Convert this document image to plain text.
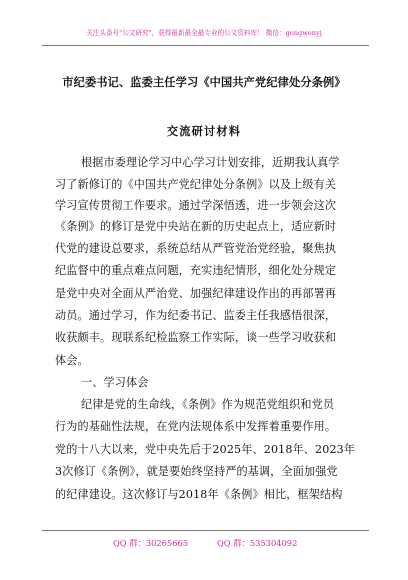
关注头条号"公文研究"，获得最新最全最专业的公文资料库！ 微信：gongwenyj
市纪委书记、监委主任学习《中国共产党纪律处分条例》
交流研讨材料
根据市委理论学习中心学习计划安排，近期我认真学
习了新修订的《中国共产党纪律处分条例》以及上级有关
学习宣传贯彻工作要求。通过学深悟透，进一步领会这次
《条例》的修订是党中央站在新的历史起点上，适应新时
代党的建设总要求，系统总结从严管党治党经验，聚焦执
纪监督中的重点难点问题，充实违纪情形，细化处分规定
是党中央对全面从严治党、加强纪律建设作出的再部署再
动员。通过学习，作为纪委书记、监委主任我感悟很深，
收获颇丰。现联系纪检监察工作实际，谈一些学习收获和
体会。
一、学习体会
纪律是党的生命线，《条例》作为规范党组织和党员
行为的基础性法规，在党内法规体系中发挥着重要作用。
党的十八大以来，党中央先后于2025年、2018年、2023年
3次修订《条例》，就是要始终坚持严的基调，全面加强党
的纪律建设。这次修订与2018年《条例》相比，框架结构
QQ 群：30265665	QQ 群：535304092
